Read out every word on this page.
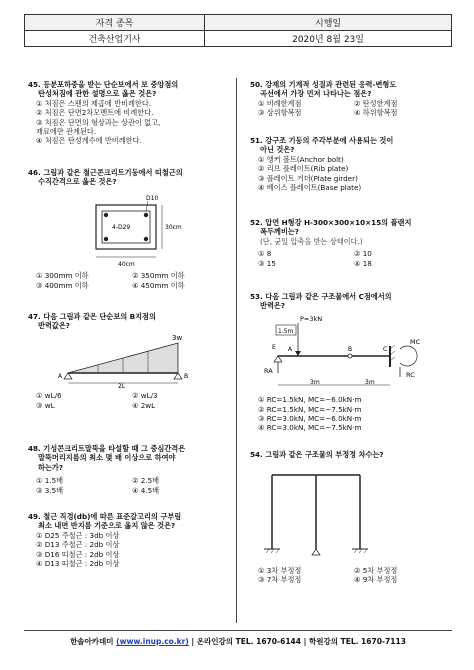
자격 종목	시행일
건축산업기사	2020년 8월 23일
45. 등분포하중을 받는 단순보에서 보 중앙점의
탄성처짐에 관한 설명으로 옳은 것은?
① 처짐은 스팬의 제곱에 반비례한다.
② 처짐은 단면2차모멘트에 비례한다.
③ 처짐은 단면의 형상과는 상관이 없고,
재료에만 관계된다.
④ 처짐은 탄성계수에 반비례한다.
46. 그림과 같은 철근콘크리트기둥에서 띠철근의
수직간격으로 옳은 것은?
D10
4-D29
40cm
30cm
① 300mm 이하	② 350mm 이하
③ 400mm 이하	④ 450mm 이하
47. 다음 그림과 같은 단순보의 B지점의
반력값은?
3w
A	B
2L
① wL/6	② wL/3
③ wL	④ 2wL
48. 기성콘크리트말뚝을 타설할 때 그 중심간격은
말뚝머리지름의 최소 몇 배 이상으로 하여야
하는가?
① 1.5배	② 2.5배
③ 3.5배	④ 4.5배
49. 철근 직경(db)에 따른 표준갈고리의 구부림
최소 내면 반지름 기준으로 옳지 않은 것은?
① D25 주철근 : 3db 이상
② D13 주철근 : 2db 이상
③ D16 띠철근 : 2db 이상
④ D13 띠철근 : 2db 이상
50. 강재의 기계적 성질과 관련된 응력-변형도
곡선에서 가장 먼저 나타나는 점은?
① 비례한계점	② 탄성한계점
③ 상위항복점	④ 하위항복점
51. 강구조 기둥의 주각부분에 사용되는 것이
아닌 것은?
① 앵커 볼트(Anchor bolt)
② 리브 플레이트(Rib plate)
③ 플레이트 거더(Plate girder)
④ 베이스 플레이트(Base plate)
52. 압연 H형강 H-300×300×10×15의 플랜지
폭두께비는?
(단, 균일 압축을 받는 상태이다.)
① 8	② 10
③ 15	④ 18
53. 다음 그림과 같은 구조물에서 C점에서의
반력은?
P=3kN
1.5m
E A	B	C
RA
MC
RC
3m	3m
① RC=1.5kN, MC=−6.0kN·m
② RC=1.5kN, MC=−7.5kN·m
③ RC=3.0kN, MC=−6.0kN·m
④ RC=3.0kN, MC=−7.5kN·m
54. 그림과 같은 구조물의 부정정 차수는?
① 3차 부정정	② 5차 부정정
③ 7차 부정정	④ 9차 부정정
한솔아카데미 (www.inup.co.kr) | 온라인강의 TEL. 1670-6144 | 학원강의 TEL. 1670-7113
